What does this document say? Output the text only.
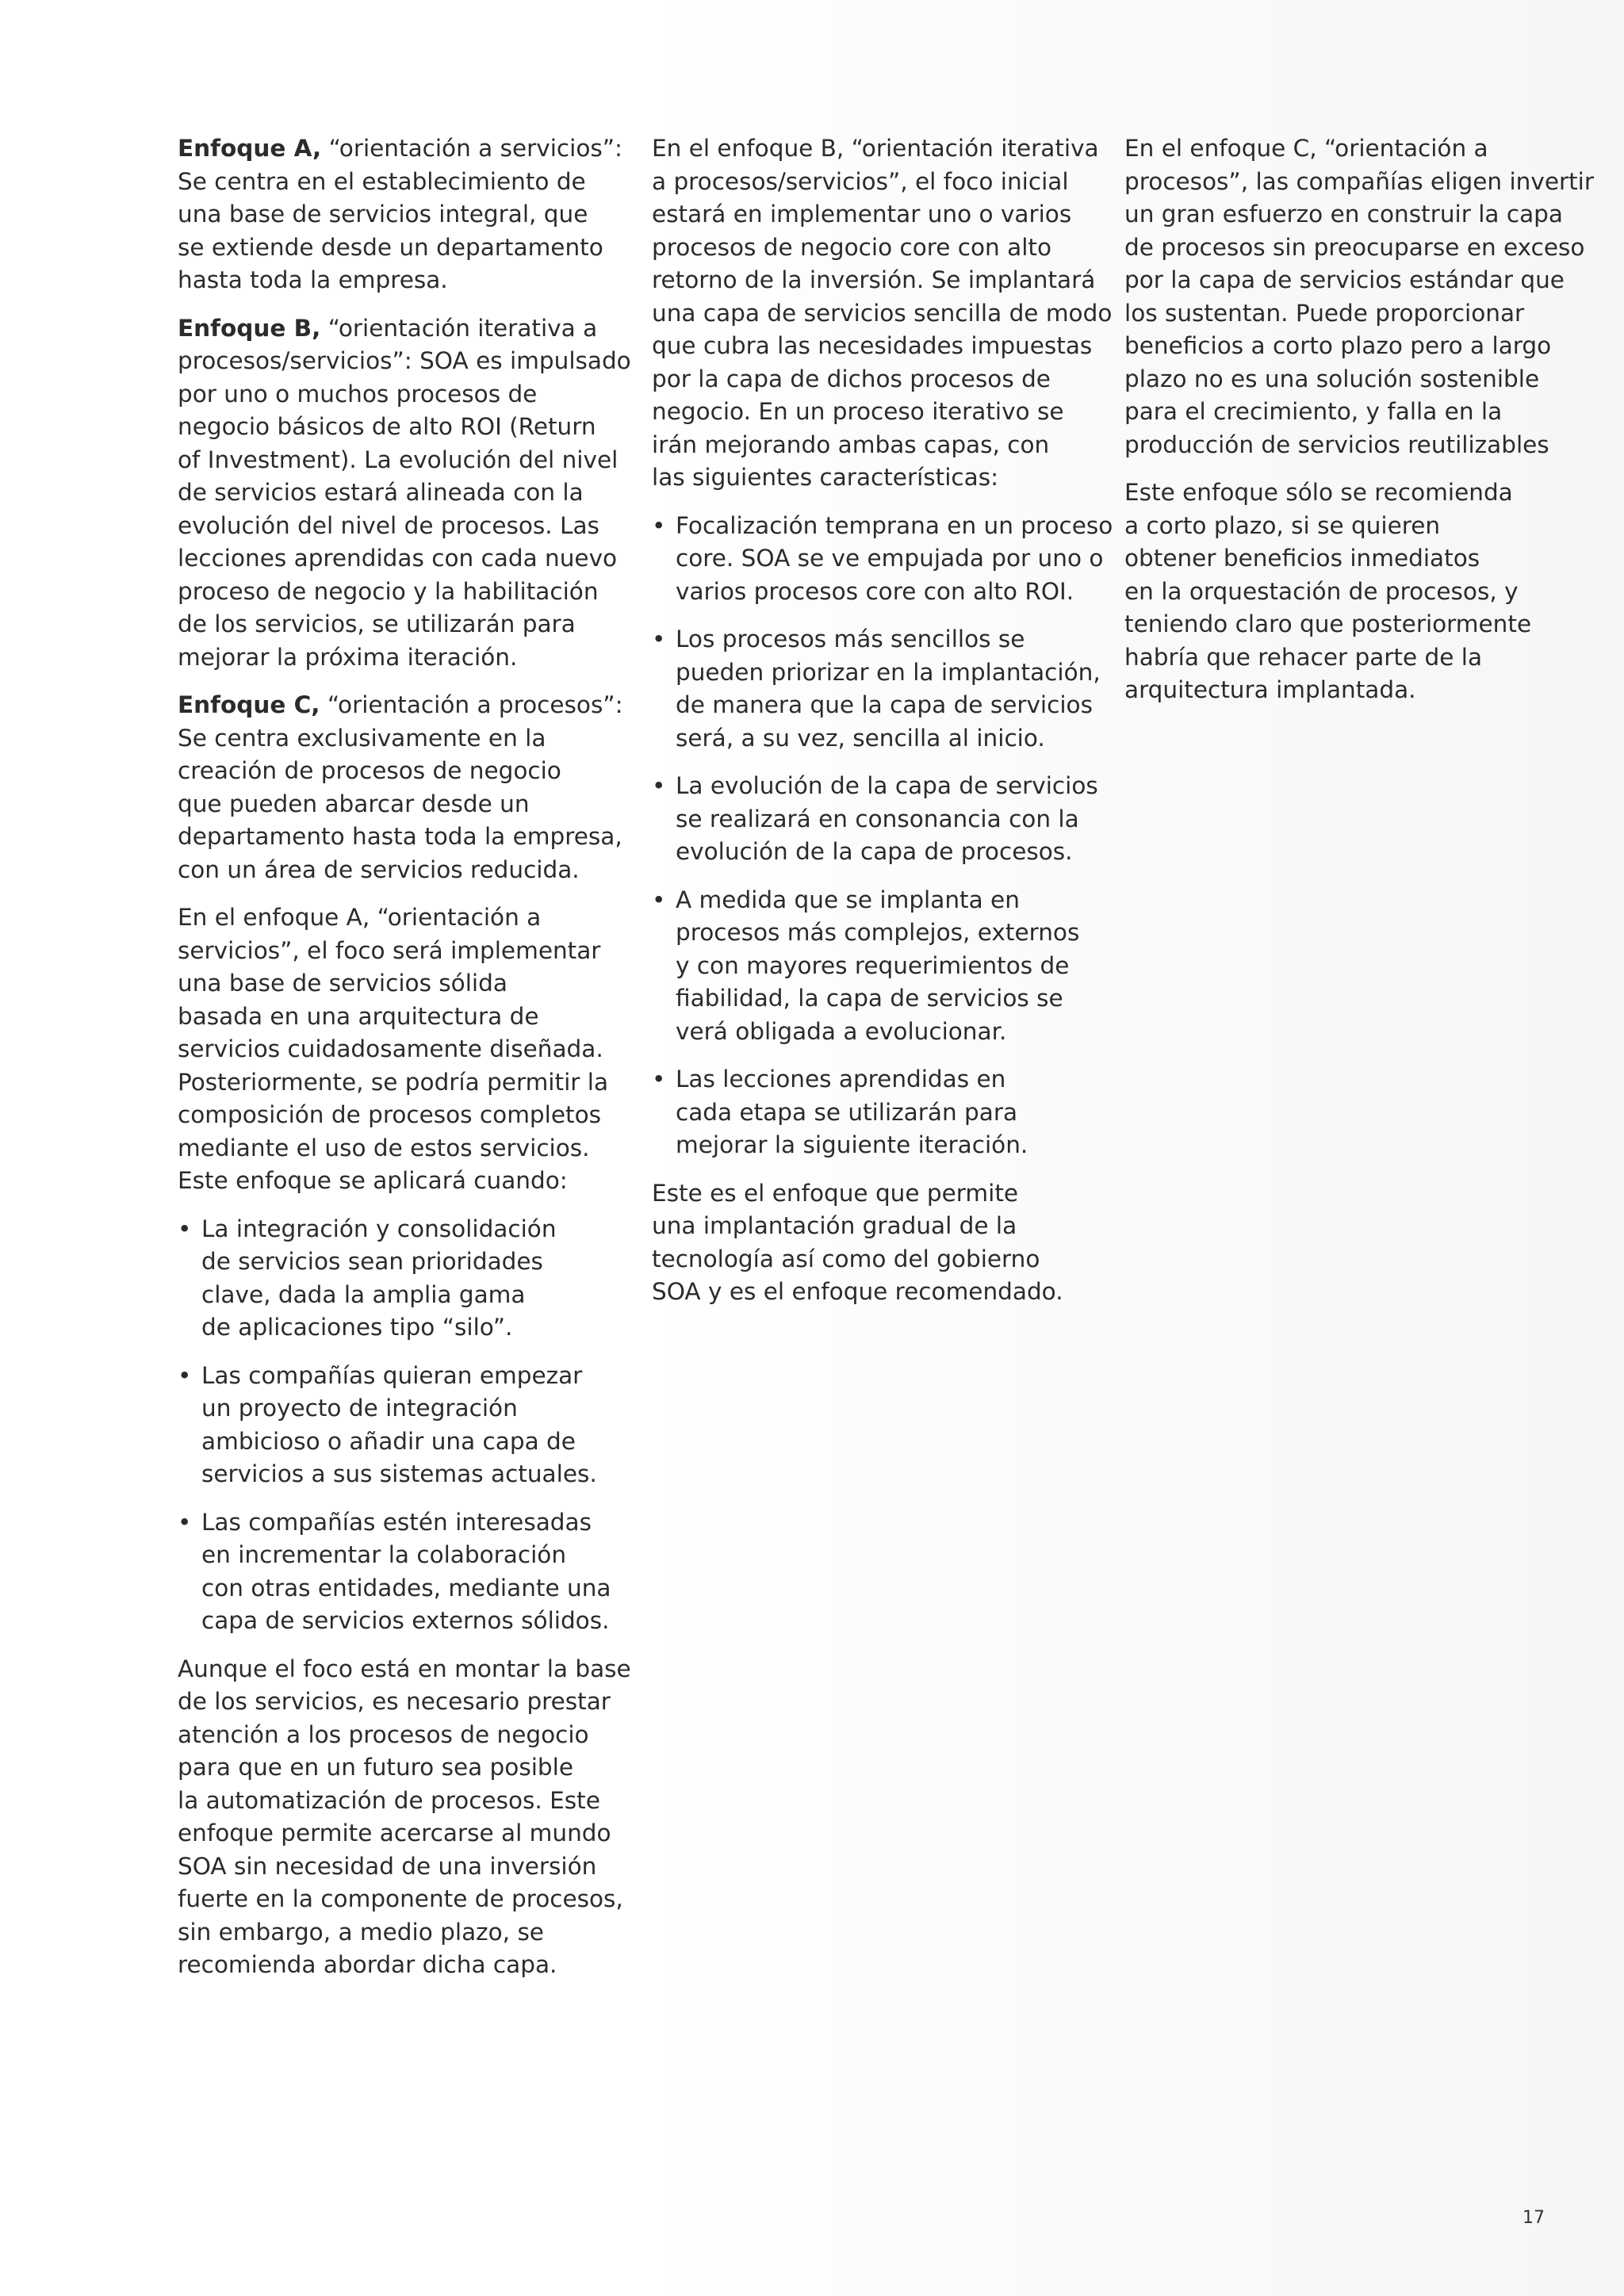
Enfoque A, “orientación a servicios”:
Se centra en el establecimiento de
una base de servicios integral, que
se extiende desde un departamento
hasta toda la empresa.

Enfoque B, “orientación iterativa a
procesos/servicios”: SOA es impulsado
por uno o muchos procesos de
negocio básicos de alto ROI (Return
of Investment). La evolución del nivel
de servicios estará alineada con la
evolución del nivel de procesos. Las
lecciones aprendidas con cada nuevo
proceso de negocio y la habilitación
de los servicios, se utilizarán para
mejorar la próxima iteración.

Enfoque C, “orientación a procesos”:
Se centra exclusivamente en la
creación de procesos de negocio
que pueden abarcar desde un
departamento hasta toda la empresa,
con un área de servicios reducida.

En el enfoque A, “orientación a
servicios”, el foco será implementar
una base de servicios sólida
basada en una arquitectura de
servicios cuidadosamente diseñada.
Posteriormente, se podría permitir la
composición de procesos completos
mediante el uso de estos servicios.
Este enfoque se aplicará cuando:

• La integración y consolidación
de servicios sean prioridades
clave, dada la amplia gama
de aplicaciones tipo “silo”.
• Las compañías quieran empezar
un proyecto de integración
ambicioso o añadir una capa de
servicios a sus sistemas actuales.
• Las compañías estén interesadas
en incrementar la colaboración
con otras entidades, mediante una
capa de servicios externos sólidos.

Aunque el foco está en montar la base
de los servicios, es necesario prestar
atención a los procesos de negocio
para que en un futuro sea posible
la automatización de procesos. Este
enfoque permite acercarse al mundo
SOA sin necesidad de una inversión
fuerte en la componente de procesos,
sin embargo, a medio plazo, se
recomienda abordar dicha capa.

En el enfoque B, “orientación iterativa
a procesos/servicios”, el foco inicial
estará en implementar uno o varios
procesos de negocio core con alto
retorno de la inversión. Se implantará
una capa de servicios sencilla de modo
que cubra las necesidades impuestas
por la capa de dichos procesos de
negocio. En un proceso iterativo se
irán mejorando ambas capas, con
las siguientes características:

• Focalización temprana en un proceso
core. SOA se ve empujada por uno o
varios procesos core con alto ROI.
• Los procesos más sencillos se
pueden priorizar en la implantación,
de manera que la capa de servicios
será, a su vez, sencilla al inicio.
• La evolución de la capa de servicios
se realizará en consonancia con la
evolución de la capa de procesos.
• A medida que se implanta en
procesos más complejos, externos
y con mayores requerimientos de
fiabilidad, la capa de servicios se
verá obligada a evolucionar.
• Las lecciones aprendidas en
cada etapa se utilizarán para
mejorar la siguiente iteración.

Este es el enfoque que permite
una implantación gradual de la
tecnología así como del gobierno
SOA y es el enfoque recomendado.

En el enfoque C, “orientación a
procesos”, las compañías eligen invertir
un gran esfuerzo en construir la capa
de procesos sin preocuparse en exceso
por la capa de servicios estándar que
los sustentan. Puede proporcionar
beneficios a corto plazo pero a largo
plazo no es una solución sostenible
para el crecimiento, y falla en la
producción de servicios reutilizables

Este enfoque sólo se recomienda
a corto plazo, si se quieren
obtener beneficios inmediatos
en la orquestación de procesos, y
teniendo claro que posteriormente
habría que rehacer parte de la
arquitectura implantada.

17
